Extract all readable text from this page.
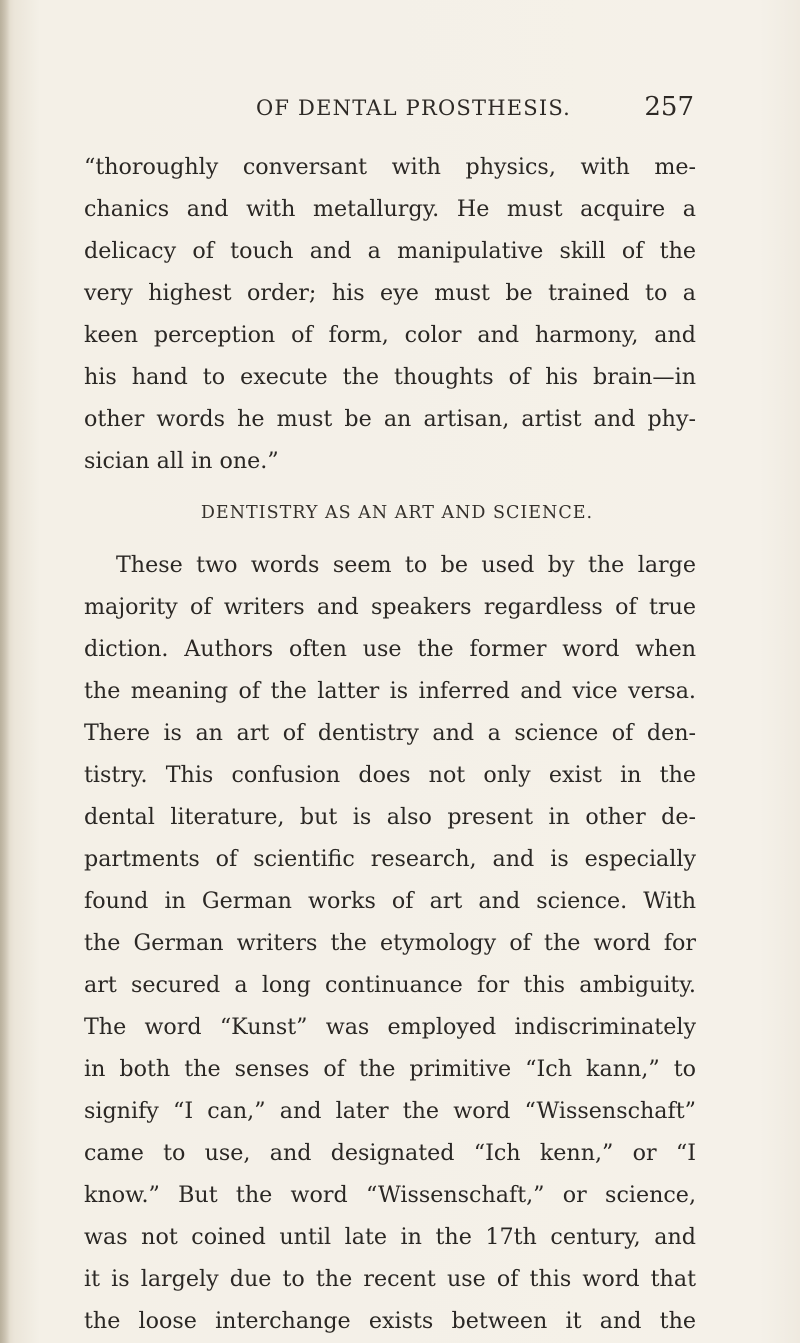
OF DENTAL PROSTHESIS.	257
“thoroughly conversant with physics, with me-
chanics and with metallurgy. He must acquire a
delicacy of touch and a manipulative skill of the
very highest order; his eye must be trained to a
keen perception of form, color and harmony, and
his hand to execute the thoughts of his brain—in
other words he must be an artisan, artist and phy-
sician all in one.”
DENTISTRY AS AN ART AND SCIENCE.
These two words seem to be used by the large
majority of writers and speakers regardless of true
diction. Authors often use the former word when
the meaning of the latter is inferred and vice versa.
There is an art of dentistry and a science of den-
tistry. This confusion does not only exist in the
dental literature, but is also present in other de-
partments of scientific research, and is especially
found in German works of art and science. With
the German writers the etymology of the word for
art secured a long continuance for this ambiguity.
The word “Kunst” was employed indiscriminately
in both the senses of the primitive “Ich kann,” to
signify “I can,” and later the word “Wissenschaft”
came to use, and designated “Ich kenn,” or “I
know.” But the word “Wissenschaft,” or science,
was not coined until late in the 17th century, and
it is largely due to the recent use of this word that
the loose interchange exists between it and the
